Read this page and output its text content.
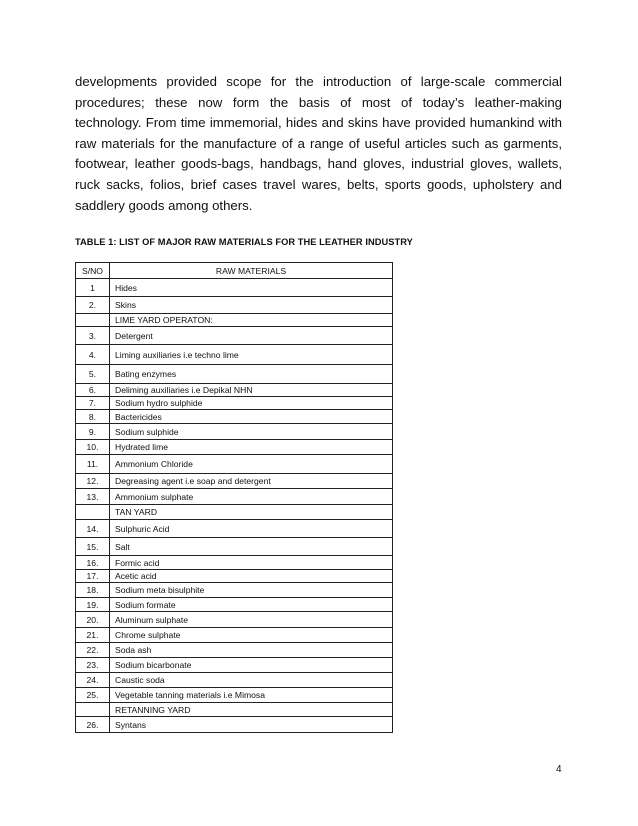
developments provided scope for the introduction of large-scale commercial procedures; these now form the basis of most of today’s leather-making technology. From time immemorial, hides and skins have provided humankind with raw materials for the manufacture of a range of useful articles such as garments, footwear, leather goods-bags, handbags, hand gloves, industrial gloves, wallets, ruck sacks, folios, brief cases travel wares, belts, sports goods, upholstery and saddlery goods among others.

TABLE 1: LIST OF MAJOR RAW MATERIALS FOR THE LEATHER INDUSTRY
S/NO	RAW MATERIALS
1	Hides
2.	Skins
	LIME YARD OPERATON:
3.	Detergent
4.	Liming auxiliaries i.e techno lime
5.	Bating enzymes
6.	Deliming auxiliaries i.e Depikal NHN
7.	Sodium hydro sulphide
8.	Bactericides
9.	Sodium sulphide
10.	Hydrated lime
11.	Ammonium Chloride
12.	Degreasing agent i.e soap and detergent
13.	Ammonium sulphate
	TAN YARD
14.	Sulphuric Acid
15.	Salt
16.	Formic acid
17.	Acetic acid
18.	Sodium meta bisulphite
19.	Sodium formate
20.	Aluminum sulphate
21.	Chrome sulphate
22.	Soda ash
23.	Sodium bicarbonate
24.	Caustic soda
25.	Vegetable tanning materials i.e Mimosa
	RETANNING YARD
26.	Syntans
4
